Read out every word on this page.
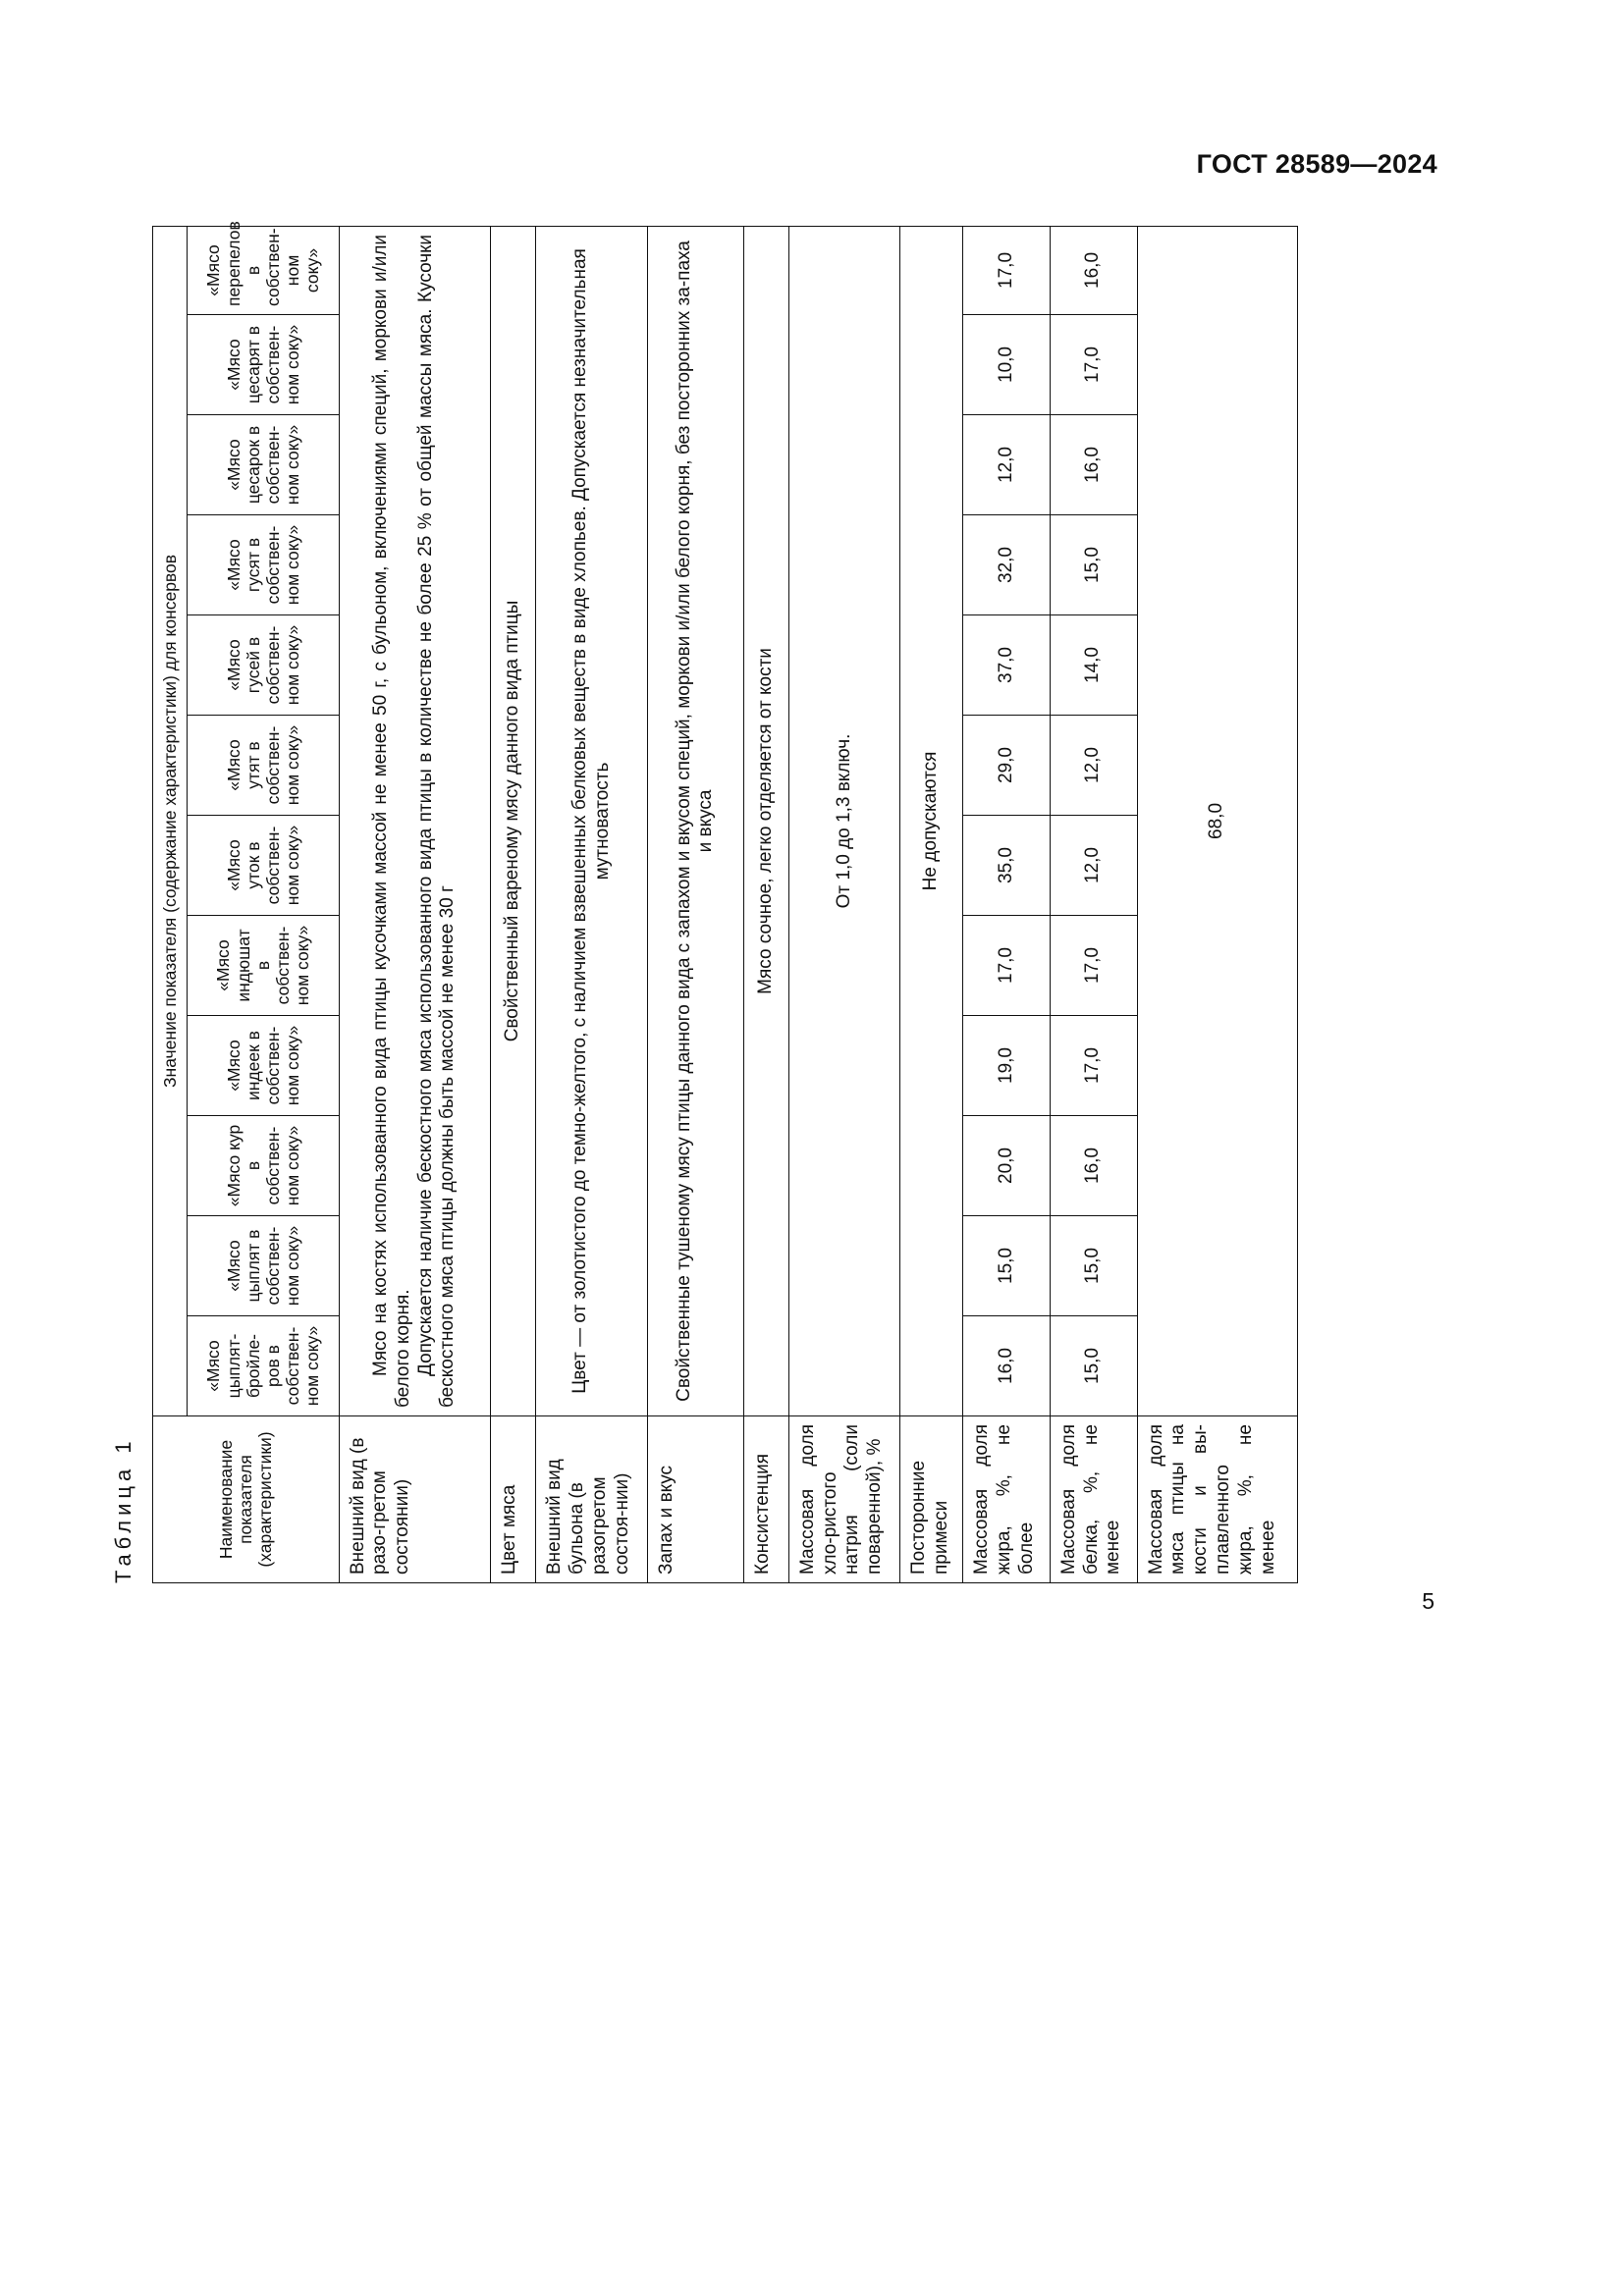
ГОСТ 28589—2024
5
Таблица 1	Наименование показателя (характеристики)	Значение показателя (содержание характеристики) для консервов											
	«Мясо цыплят-бройле-ров в собствен-ном соку»	«Мясо цыплят в собствен-ном соку»	«Мясо кур в собствен-ном соку»	«Мясо индеек в собствен-ном соку»	«Мясо индюшат в собствен-ном соку»	«Мясо уток в собствен-ном соку»	«Мясо утят в собствен-ном соку»	«Мясо гусей в собствен-ном соку»	«Мясо гусят в собствен-ном соку»	«Мясо цесарок в собствен-ном соку»	«Мясо цесарят в собствен-ном соку»	«Мясо перепелов в собствен-ном соку»
Внешний вид (в разо-гретом состоянии)	Мясо на костях использованного вида птицы кусочками массой не менее 50 г, с бульоном, включениями специй, моркови и/или белого корня. Допускается наличие бескостного мяса использованного вида птицы в количестве не более 25 % от общей массы мяса. Кусочки бескостного мяса птицы должны быть массой не менее 30 г											

Цвет мяса	Свойственный вареному мясу данного вида птицы											
Внешний вид бульона (в разогретом состоя-нии)	Цвет — от золотистого до темно-желтого, с наличием взвешенных белковых веществ в виде хлопьев. Допускается незначительная мутноватость											
Запах и вкус	Свойственные тушеному мясу птицы данного вида с запахом и вкусом специй, моркови и/или белого корня, без посторонних за-паха и вкуса											
Консистенция	Мясо сочное, легко отделяется от кости											
Массовая доля хло-ристого натрия (соли поваренной), %	От 1,0 до 1,3 включ.											
Посторонние примеси	Не допускаются											
Массовая доля жира, %, не более	16,0	15,0	20,0	19,0	17,0	35,0	29,0	37,0	32,0	12,0	10,0	17,0
Массовая доля белка, %, не менее	15,0	15,0	16,0	17,0	17,0	12,0	12,0	14,0	15,0	16,0	17,0	16,0
Массовая доля мяса птицы на кости и вы-плавленного жира, %, не менее	68,0											
